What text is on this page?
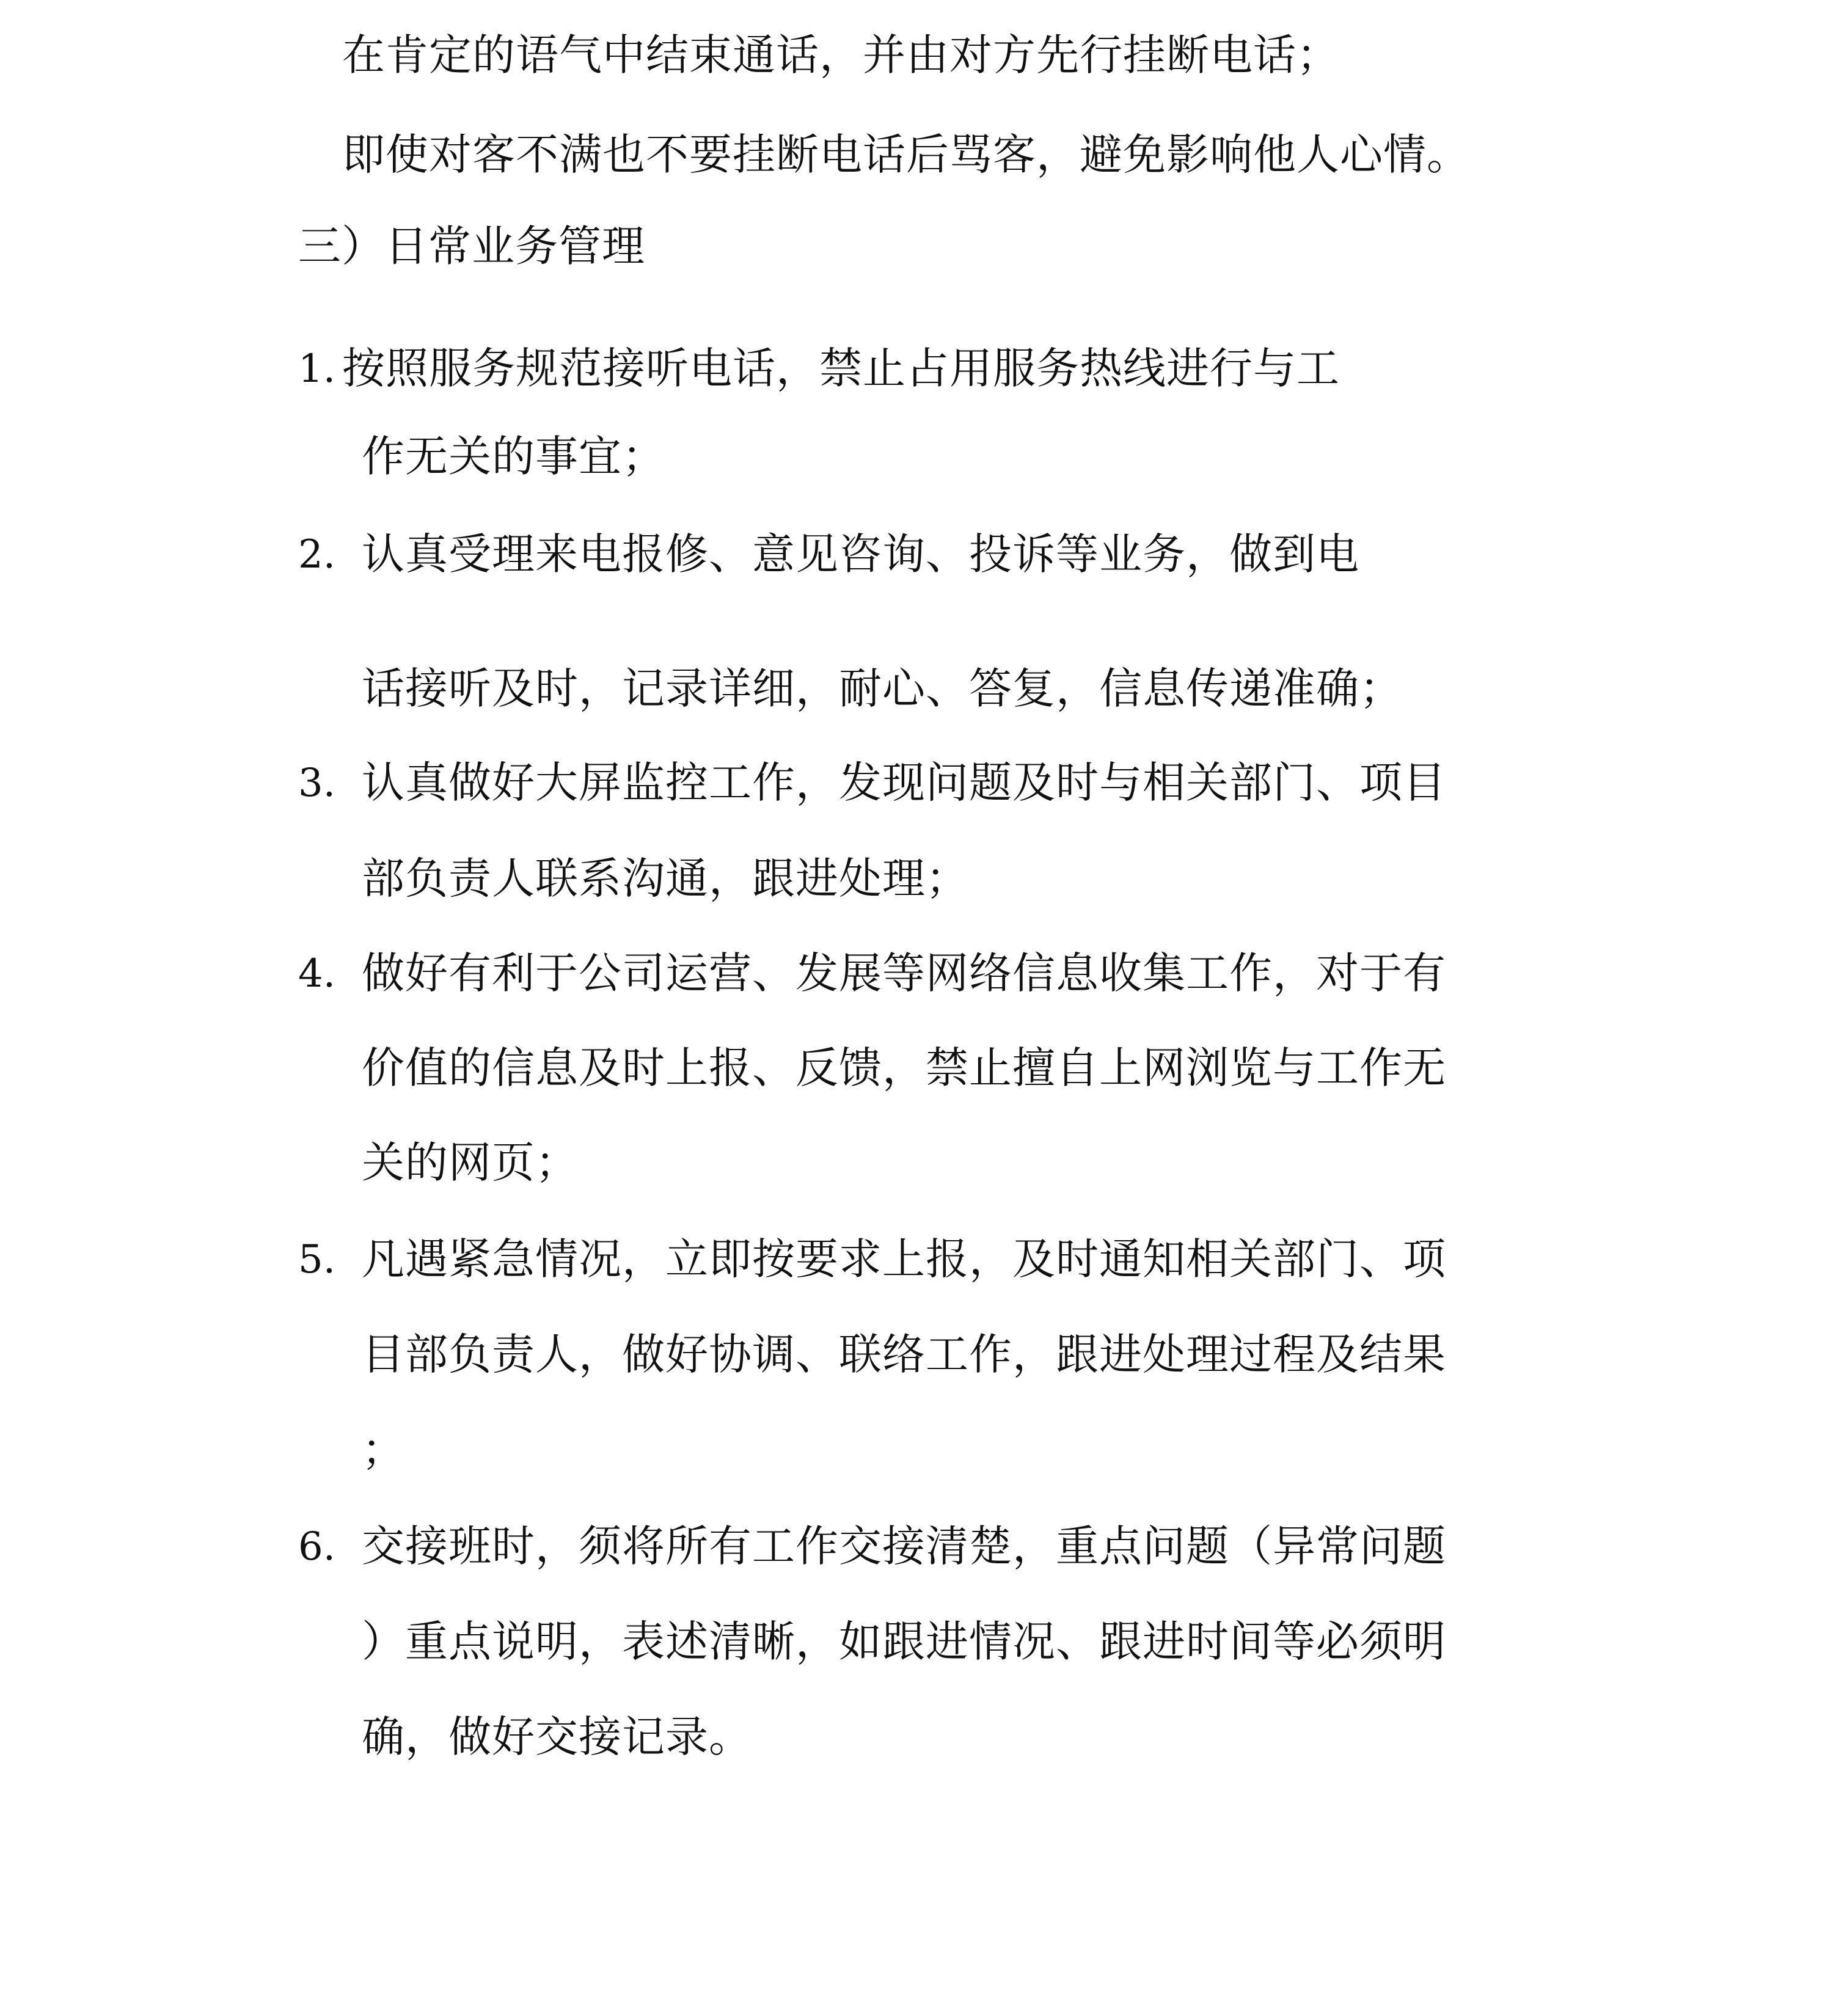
在肯定的语气中结束通话，并由对方先行挂断电话；
即使对客不满也不要挂断电话后骂客，避免影响他人心情。
三）日常业务管理
1. 按照服务规范接听电话，禁止占用服务热线进行与工
作无关的事宜；
2. 认真受理来电报修、意见咨询、投诉等业务，做到电
话接听及时，记录详细，耐心、答复，信息传递准确；
3. 认真做好大屏监控工作，发现问题及时与相关部门、项目
部负责人联系沟通，跟进处理；
4. 做好有利于公司运营、发展等网络信息收集工作，对于有
价值的信息及时上报、反馈，禁止擅自上网浏览与工作无
关的网页；
5. 凡遇紧急情况，立即按要求上报，及时通知相关部门、项
目部负责人，做好协调、联络工作，跟进处理过程及结果
；
6. 交接班时，须将所有工作交接清楚，重点问题（异常问题
）重点说明，表述清晰，如跟进情况、跟进时间等必须明
确，做好交接记录。
